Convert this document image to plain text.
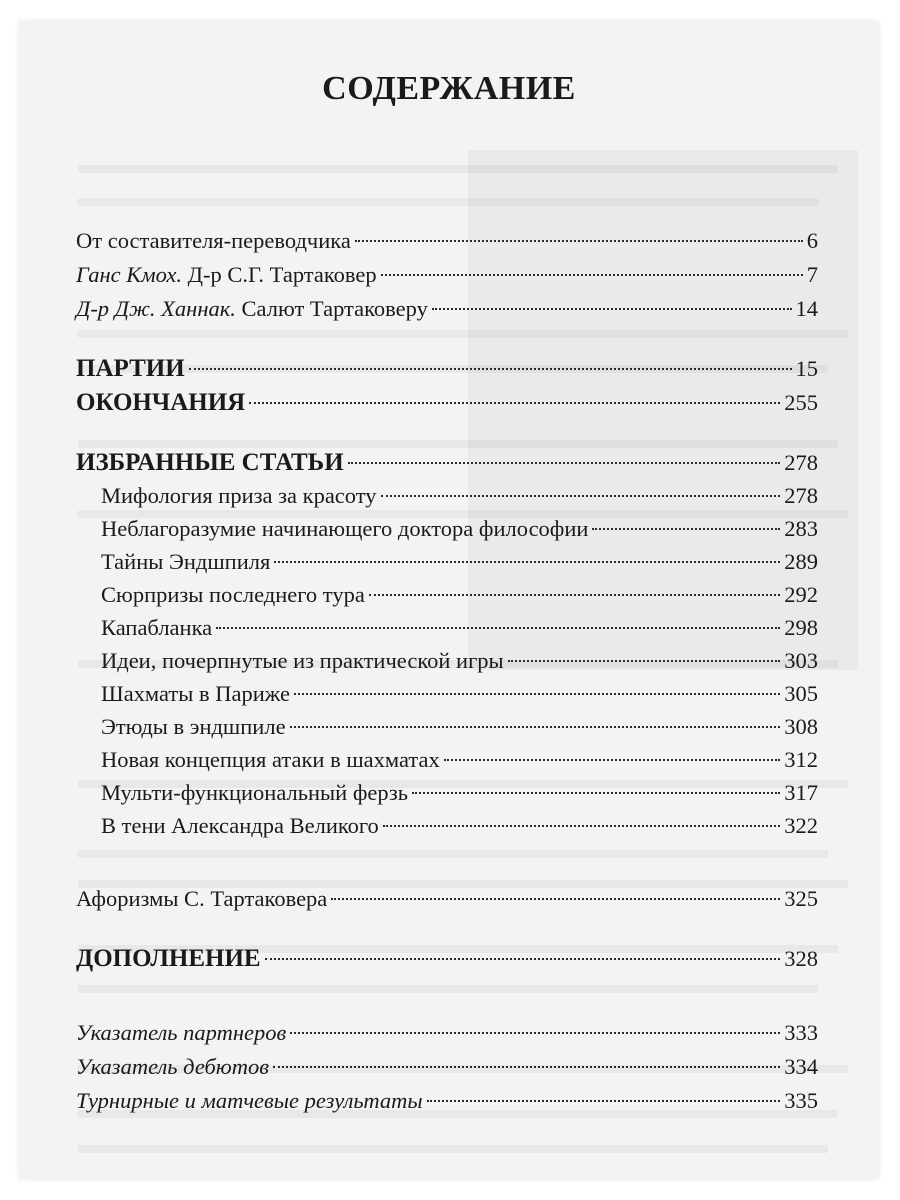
СОДЕРЖАНИЕ
От составителя-переводчика	6
Ганс Кмох. Д-р С.Г. Тартаковер	7
Д-р Дж. Ханнак. Салют Тартаковеру	14
ПАРТИИ	15
ОКОНЧАНИЯ	255
ИЗБРАННЫЕ СТАТЬИ	278
Мифология приза за красоту	278
Неблагоразумие начинающего доктора философии	283
Тайны Эндшпиля	289
Сюрпризы последнего тура	292
Капабланка	298
Идеи, почерпнутые из практической игры	303
Шахматы в Париже	305
Этюды в эндшпиле	308
Новая концепция атаки в шахматах	312
Мульти-функциональный ферзь	317
В тени Александра Великого	322
Афоризмы С. Тартаковера	325
ДОПОЛНЕНИЕ	328
Указатель партнеров	333
Указатель дебютов	334
Турнирные и матчевые результаты	335
